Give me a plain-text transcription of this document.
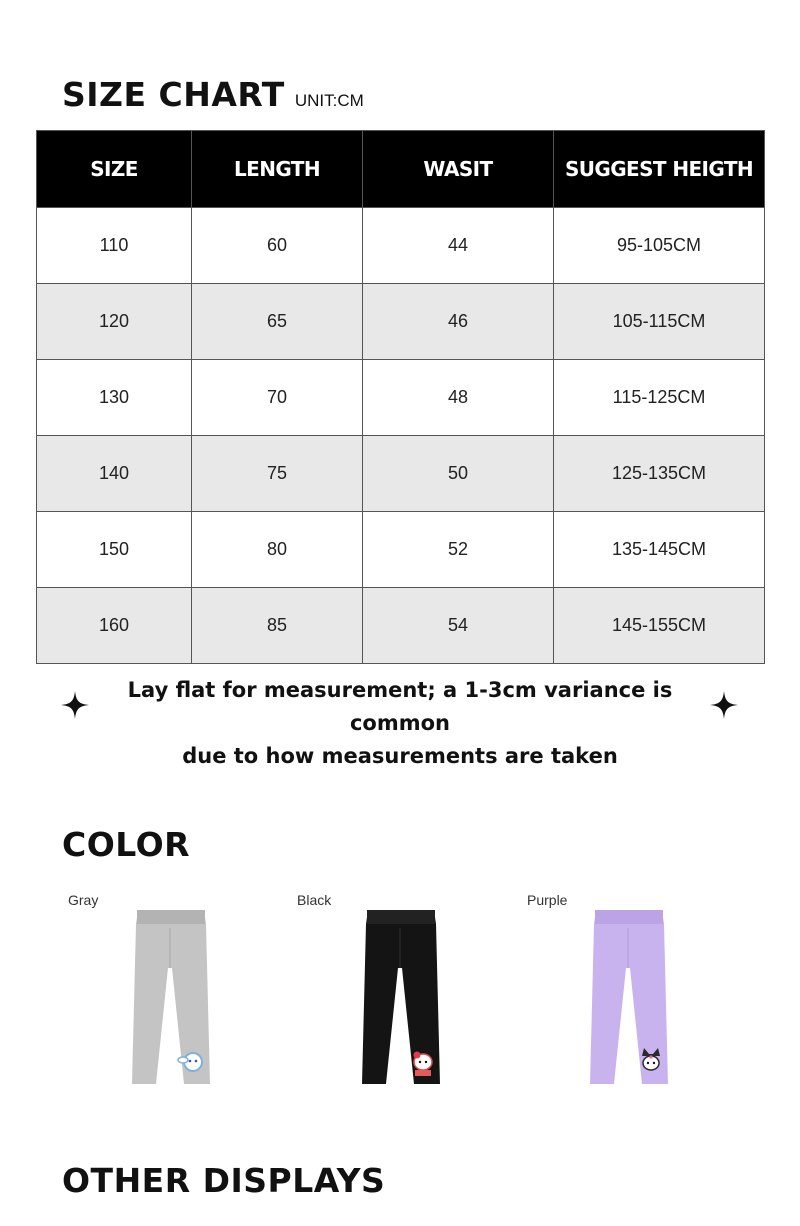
SIZE CHART UNIT:CM
SIZE	LENGTH	WASIT	SUGGEST HEIGTH
110	60	44	95-105CM
120	65	46	105-115CM
130	70	48	115-125CM
140	75	50	125-135CM
150	80	52	135-145CM
160	85	54	145-155CM
Lay flat for measurement; a 1-3cm variance is common
due to how measurements are taken
COLOR
Gray	Black	Purple
OTHER DISPLAYS
